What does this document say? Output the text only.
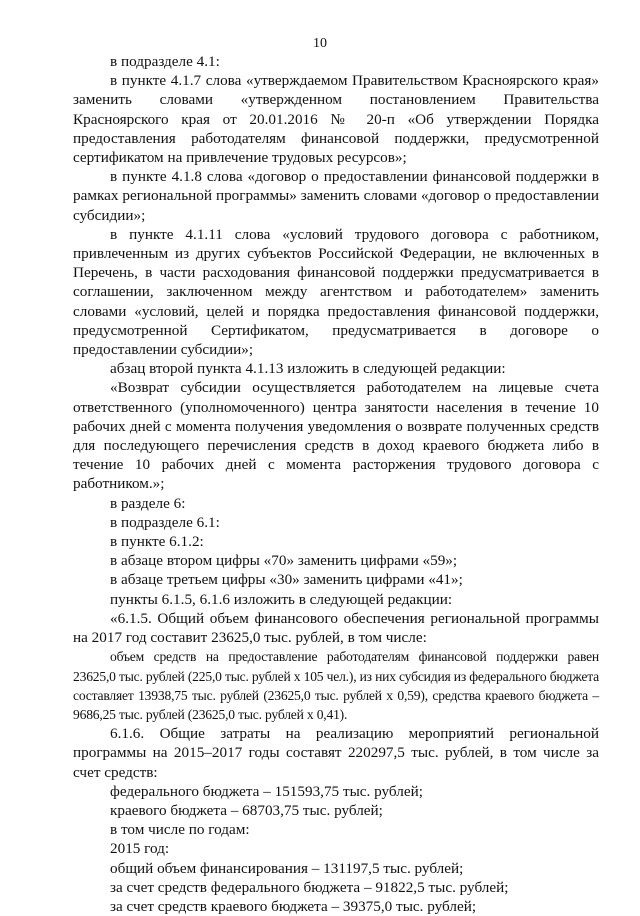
10

в подразделе 4.1:

в пункте 4.1.7 слова «утверждаемом Правительством Красноярского края» заменить словами «утвержденном постановлением Правительства Красноярского края от 20.01.2016 № 20-п «Об утверждении Порядка предоставления работодателям финансовой поддержки, предусмотренной сертификатом на привлечение трудовых ресурсов»;

в пункте 4.1.8 слова «договор о предоставлении финансовой поддержки в рамках региональной программы» заменить словами «договор о предоставлении субсидии»;

в пункте 4.1.11 слова «условий трудового договора с работником, привлеченным из других субъектов Российской Федерации, не включенных в Перечень, в части расходования финансовой поддержки предусматривается в соглашении, заключенном между агентством и работодателем» заменить словами «условий, целей и порядка предоставления финансовой поддержки, предусмотренной Сертификатом, предусматривается в договоре о предоставлении субсидии»;

абзац второй пункта 4.1.13 изложить в следующей редакции:

«Возврат субсидии осуществляется работодателем на лицевые счета ответственного (уполномоченного) центра занятости населения в течение 10 рабочих дней с момента получения уведомления о возврате полученных средств для последующего перечисления средств в доход краевого бюджета либо в течение 10 рабочих дней с момента расторжения трудового договора с работником.»;

в разделе 6:

в подразделе 6.1:

в пункте 6.1.2:

в абзаце втором цифры «70» заменить цифрами «59»;

в абзаце третьем цифры «30» заменить цифрами «41»;

пункты 6.1.5, 6.1.6 изложить в следующей редакции:

«6.1.5. Общий объем финансового обеспечения региональной программы на 2017 год составит 23625,0 тыс. рублей, в том числе:

объем средств на предоставление работодателям финансовой поддержки равен 23625,0 тыс. рублей (225,0 тыс. рублей х 105 чел.), из них субсидия из федерального бюджета составляет 13938,75 тыс. рублей (23625,0 тыс. рублей х 0,59), средства краевого бюджета – 9686,25 тыс. рублей (23625,0 тыс. рублей х 0,41).

6.1.6. Общие затраты на реализацию мероприятий региональной программы на 2015–2017 годы составят 220297,5 тыс. рублей, в том числе за счет средств:

федерального бюджета – 151593,75 тыс. рублей;

краевого бюджета – 68703,75 тыс. рублей;

в том числе по годам:

2015 год:

общий объем финансирования – 131197,5 тыс. рублей;

за счет средств федерального бюджета – 91822,5 тыс. рублей;

за счет средств краевого бюджета – 39375,0 тыс. рублей;
